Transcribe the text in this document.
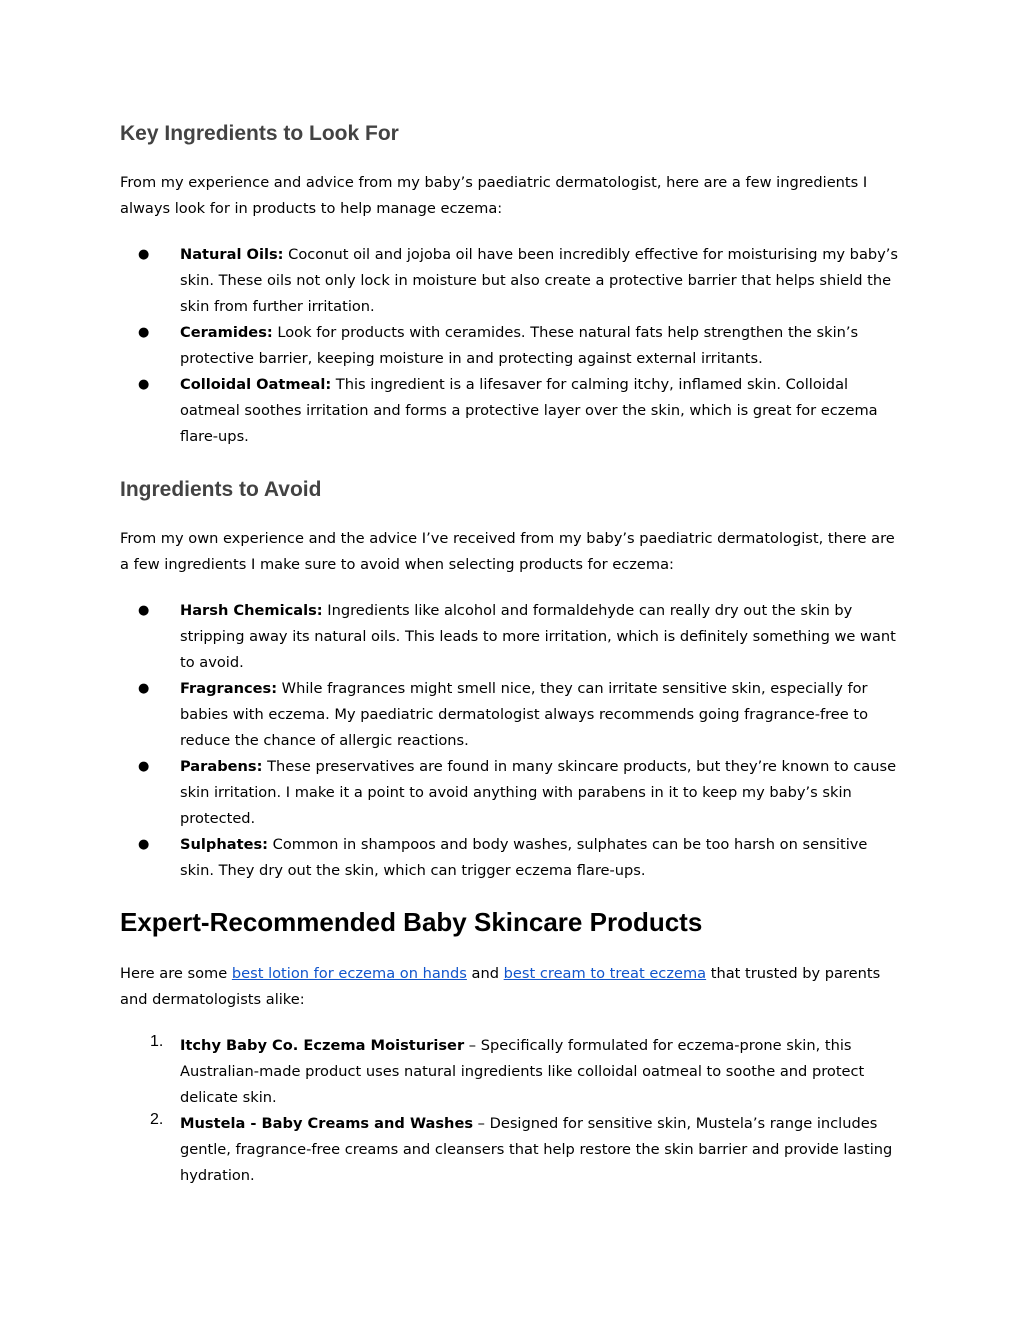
Key Ingredients to Look For

From my experience and advice from my baby’s paediatric dermatologist, here are a few ingredients I always look for in products to help manage eczema:

● Natural Oils: Coconut oil and jojoba oil have been incredibly effective for moisturising my baby’s skin. These oils not only lock in moisture but also create a protective barrier that helps shield the skin from further irritation.
● Ceramides: Look for products with ceramides. These natural fats help strengthen the skin’s protective barrier, keeping moisture in and protecting against external irritants.
● Colloidal Oatmeal: This ingredient is a lifesaver for calming itchy, inflamed skin. Colloidal oatmeal soothes irritation and forms a protective layer over the skin, which is great for eczema flare-ups.
Ingredients to Avoid

From my own experience and the advice I’ve received from my baby’s paediatric dermatologist, there are a few ingredients I make sure to avoid when selecting products for eczema:

● Harsh Chemicals: Ingredients like alcohol and formaldehyde can really dry out the skin by stripping away its natural oils. This leads to more irritation, which is definitely something we want to avoid.
● Fragrances: While fragrances might smell nice, they can irritate sensitive skin, especially for babies with eczema. My paediatric dermatologist always recommends going fragrance-free to reduce the chance of allergic reactions.
● Parabens: These preservatives are found in many skincare products, but they’re known to cause skin irritation. I make it a point to avoid anything with parabens in it to keep my baby’s skin protected.
● Sulphates: Common in shampoos and body washes, sulphates can be too harsh on sensitive skin. They dry out the skin, which can trigger eczema flare-ups.
Expert-Recommended Baby Skincare Products

Here are some best lotion for eczema on hands and best cream to treat eczema that trusted by parents and dermatologists alike:

1. Itchy Baby Co. Eczema Moisturiser – Specifically formulated for eczema-prone skin, this Australian-made product uses natural ingredients like colloidal oatmeal to soothe and protect delicate skin.
2. Mustela - Baby Creams and Washes – Designed for sensitive skin, Mustela’s range includes gentle, fragrance-free creams and cleansers that help restore the skin barrier and provide lasting hydration.
